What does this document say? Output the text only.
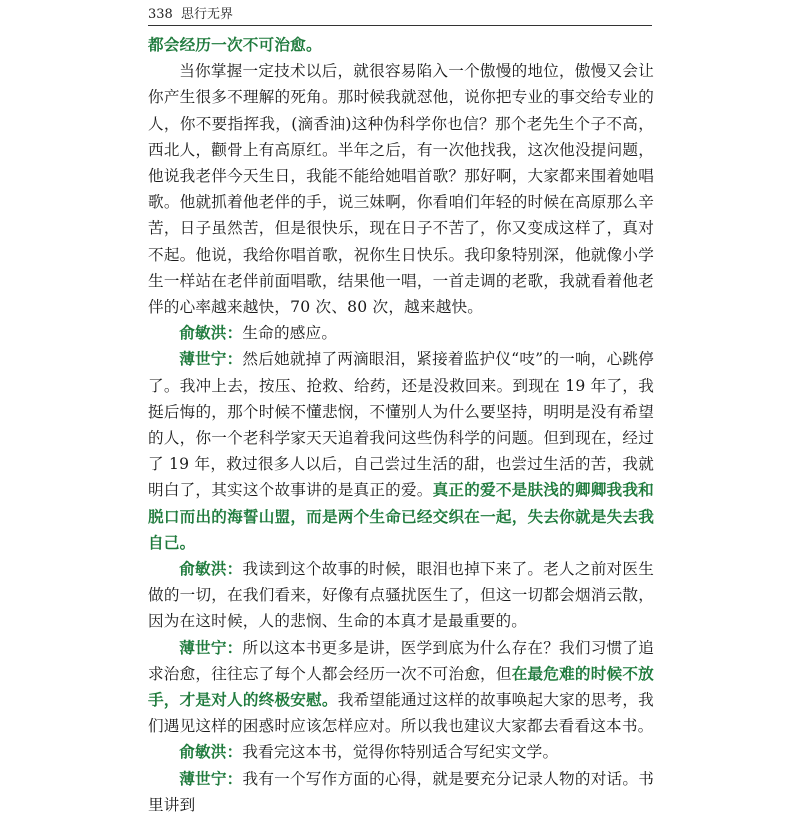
338 思行无界

都会经历一次不可治愈。

当你掌握一定技术以后，就很容易陷入一个傲慢的地位，傲慢又会让你产生很多不理解的死角。那时候我就怼他，说你把专业的事交给专业的人，你不要指挥我，(滴香油)这种伪科学你也信？那个老先生个子不高，西北人，颧骨上有高原红。半年之后，有一次他找我，这次他没提问题，他说我老伴今天生日，我能不能给她唱首歌？那好啊，大家都来围着她唱歌。他就抓着他老伴的手，说三妹啊，你看咱们年轻的时候在高原那么辛苦，日子虽然苦，但是很快乐，现在日子不苦了，你又变成这样了，真对不起。他说，我给你唱首歌，祝你生日快乐。我印象特别深，他就像小学生一样站在老伴前面唱歌，结果他一唱，一首走调的老歌，我就看着他老伴的心率越来越快，70 次、80 次，越来越快。

俞敏洪：生命的感应。

薄世宁：然后她就掉了两滴眼泪，紧接着监护仪“吱”的一响，心跳停了。我冲上去，按压、抢救、给药，还是没救回来。到现在 19 年了，我挺后悔的，那个时候不懂悲悯，不懂别人为什么要坚持，明明是没有希望的人，你一个老科学家天天追着我问这些伪科学的问题。但到现在，经过了 19 年，救过很多人以后，自己尝过生活的甜，也尝过生活的苦，我就明白了，其实这个故事讲的是真正的爱。真正的爱不是肤浅的卿卿我我和脱口而出的海誓山盟，而是两个生命已经交织在一起，失去你就是失去我自己。

俞敏洪：我读到这个故事的时候，眼泪也掉下来了。老人之前对医生做的一切，在我们看来，好像有点骚扰医生了，但这一切都会烟消云散，因为在这时候，人的悲悯、生命的本真才是最重要的。

薄世宁：所以这本书更多是讲，医学到底为什么存在？我们习惯了追求治愈，往往忘了每个人都会经历一次不可治愈，但在最危难的时候不放手，才是对人的终极安慰。我希望能通过这样的故事唤起大家的思考，我们遇见这样的困惑时应该怎样应对。所以我也建议大家都去看看这本书。

俞敏洪：我看完这本书，觉得你特别适合写纪实文学。

薄世宁：我有一个写作方面的心得，就是要充分记录人物的对话。书里讲到
